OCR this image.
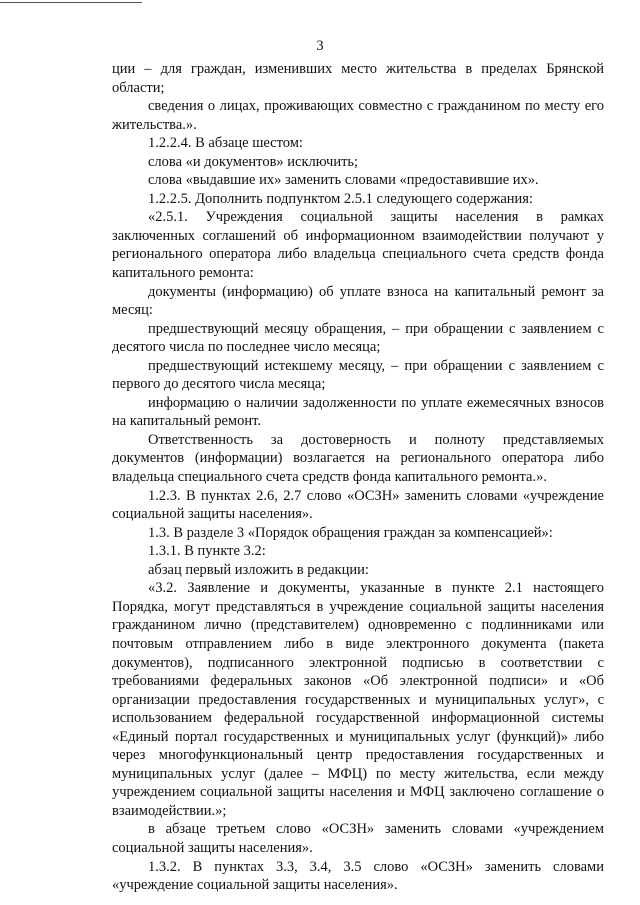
3

ции – для граждан, изменивших место жительства в пределах Брянской области;

сведения о лицах, проживающих совместно с гражданином по месту его жительства.».

1.2.2.4. В абзаце шестом:

слова «и документов» исключить;

слова «выдавшие их» заменить словами «предоставившие их».

1.2.2.5. Дополнить подпунктом 2.5.1 следующего содержания:

«2.5.1. Учреждения социальной защиты населения в рамках заключенных соглашений об информационном взаимодействии получают у регионального оператора либо владельца специального счета средств фонда капитального ремонта:

документы (информацию) об уплате взноса на капитальный ремонт за месяц:

предшествующий месяцу обращения, – при обращении с заявлением с десятого числа по последнее число месяца;

предшествующий истекшему месяцу, – при обращении с заявлением с первого до десятого числа месяца;

информацию о наличии задолженности по уплате ежемесячных взносов на капитальный ремонт.

Ответственность за достоверность и полноту представляемых документов (информации) возлагается на регионального оператора либо владельца специального счета средств фонда капитального ремонта.».

1.2.3. В пунктах 2.6, 2.7 слово «ОСЗН» заменить словами «учреждение социальной защиты населения».

1.3. В разделе 3 «Порядок обращения граждан за компенсацией»:

1.3.1. В пункте 3.2:

абзац первый изложить в редакции:

«3.2. Заявление и документы, указанные в пункте 2.1 настоящего Порядка, могут представляться в учреждение социальной защиты населения гражданином лично (представителем) одновременно с подлинниками или почтовым отправлением либо в виде электронного документа (пакета документов), подписанного электронной подписью в соответствии с требованиями федеральных законов «Об электронной подписи» и «Об организации предоставления государственных и муниципальных услуг», с использованием федеральной государственной информационной системы «Единый портал государственных и муниципальных услуг (функций)» либо через многофункциональный центр предоставления государственных и муниципальных услуг (далее – МФЦ) по месту жительства, если между учреждением социальной защиты населения и МФЦ заключено соглашение о взаимодействии.»;

в абзаце третьем слово «ОСЗН» заменить словами «учреждением социальной защиты населения».

1.3.2. В пунктах 3.3, 3.4, 3.5 слово «ОСЗН» заменить словами «учреждение социальной защиты населения».
